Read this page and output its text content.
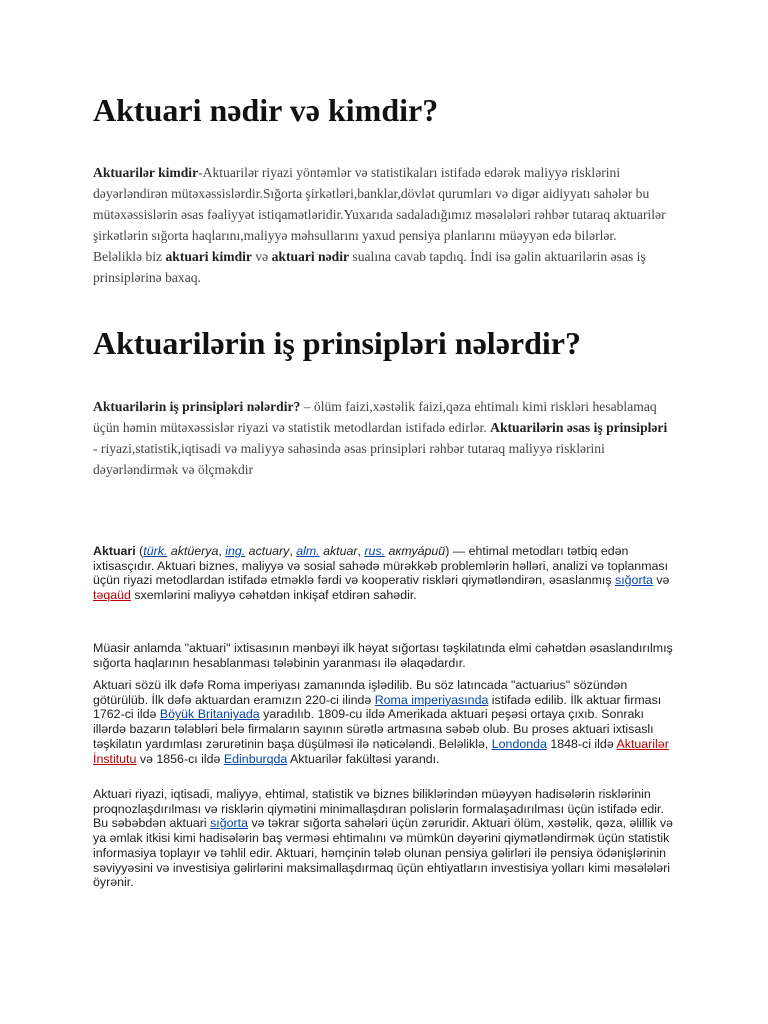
Aktuari nədir və kimdir?

Aktuarilər kimdir-Aktuarilər riyazi yöntəmlər və statistikaları istifadə edərək maliyyə risklərini dəyərləndirən mütəxəssislərdir.Sığorta şirkətləri,banklar,dövlət qurumları və digər aidiyyatı sahələr bu mütəxəssislərin əsas fəaliyyət istiqamətləridir.Yuxarıda sadaladığımız məsələləri rəhbər tutaraq aktuarilər şirkətlərin sığorta haqlarını,maliyyə məhsullarını yaxud pensiya planlarını müəyyən edə bilərlər. Beləliklə biz aktuari kimdir və aktuari nədir sualına cavab tapdıq. İndi isə gəlin aktuarilərin əsas iş prinsiplərinə baxaq.

Aktuarilərin iş prinsipləri nələrdir?

Aktuarilərin iş prinsipləri nələrdir? – ölüm faizi,xəstəlik faizi,qəza ehtimalı kimi riskləri hesablamaq üçün həmin mütəxəssislər riyazi və statistik metodlardan istifadə edirlər. Aktuarilərin əsas iş prinsipləri - riyazi,statistik,iqtisadi və maliyyə sahəsində əsas prinsipləri rəhbər tutaraq maliyyə risklərini dəyərləndirmək və ölçməkdir

Aktuari (türk. aktüerya, ing. actuary, alm. aktuar, rus. актуáрий) — ehtimal metodları tətbiq edən ixtisasçıdır. Aktuari biznes, maliyyə və sosial sahədə mürəkkəb problemlərin həlləri, analizi və toplanması üçün riyazi metodlardan istifadə etməklə fərdi və kooperativ riskləri qiymətləndirən, əsaslanmış sığorta və təqaüd sxemlərini maliyyə cəhətdən inkişaf etdirən sahədir.

Müasir anlamda "aktuari" ixtisasının mənbəyi ilk həyat sığortası təşkilatında elmi cəhətdən əsaslandırılmış sığorta haqlarının hesablanması tələbinin yaranması ilə əlaqədardır.

Aktuari sözü ilk dəfə Roma imperiyası zamanında işlədilib. Bu söz latıncada "actuarius" sözündən götürülüb. İlk dəfə aktuardan eramızın 220-ci ilində Roma imperiyasında istifadə edilib. İlk aktuar firması 1762-ci ildə Böyük Britaniyada yaradılıb. 1809-cu ildə Amerikada aktuari peşəsi ortaya çıxıb. Sonrakı illərdə bazarın tələbləri belə firmaların sayının sürətlə artmasına səbəb olub. Bu proses aktuari ixtisaslı təşkilatın yardımlası zərurətinin başa düşülməsi ilə nəticələndi. Beləliklə, Londonda 1848-ci ildə Aktuarilər İnstitutu və 1856-cı ildə Edinburqda Aktuarilər fakültəsi yarandı.

Aktuari riyazi, iqtisadi, maliyyə, ehtimal, statistik və biznes biliklərindən müəyyən hadisələrin risklərinin proqnozlaşdırılması və risklərin qiymətini minimallaşdıran polislərin formalaşadırılması üçün istifadə edir. Bu səbəbdən aktuari sığorta və təkrar sığorta sahələri üçün zəruridir. Aktuari ölüm, xəstəlik, qəza, əlillik və ya əmlak itkisi kimi hadisələrin baş verməsi ehtimalını və mümkün dəyərini qiymətləndirmək üçün statistik informasiya toplayır və təhlil edir. Aktuari, həmçinin tələb olunan pensiya gəlirləri ilə pensiya ödənişlərinin səviyyəsini və investisiya gəlirlərini maksimallaşdırmaq üçün ehtiyatların investisiya yolları kimi məsələləri öyrənir.
